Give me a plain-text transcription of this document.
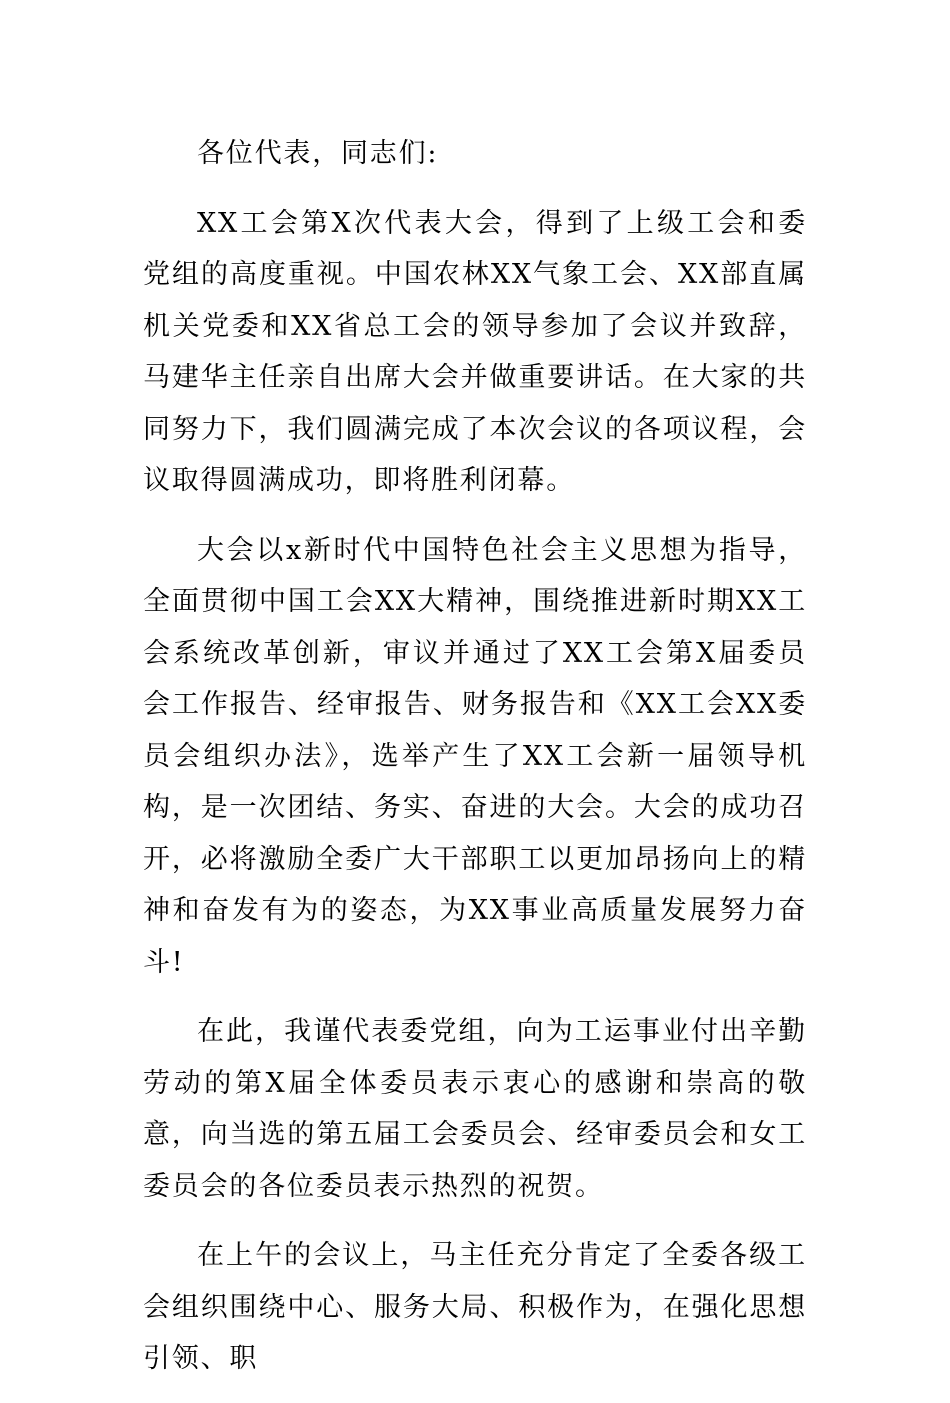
各位代表，同志们:

XX工会第X次代表大会，得到了上级工会和委党组的高度重视。中国农林XX气象工会、XX部直属机关党委和XX省总工会的领导参加了会议并致辞，马建华主任亲自出席大会并做重要讲话。在大家的共同努力下，我们圆满完成了本次会议的各项议程，会议取得圆满成功，即将胜利闭幕。

大会以x新时代中国特色社会主义思想为指导，全面贯彻中国工会XX大精神，围绕推进新时期XX工会系统改革创新，审议并通过了XX工会第X届委员会工作报告、经审报告、财务报告和《XX工会XX委员会组织办法》，选举产生了XX工会新一届领导机构，是一次团结、务实、奋进的大会。大会的成功召开，必将激励全委广大干部职工以更加昂扬向上的精神和奋发有为的姿态，为XX事业高质量发展努力奋斗!

在此，我谨代表委党组，向为工运事业付出辛勤劳动的第X届全体委员表示衷心的感谢和崇高的敬意，向当选的第五届工会委员会、经审委员会和女工委员会的各位委员表示热烈的祝贺。

在上午的会议上，马主任充分肯定了全委各级工会组织围绕中心、服务大局、积极作为，在强化思想引领、职
